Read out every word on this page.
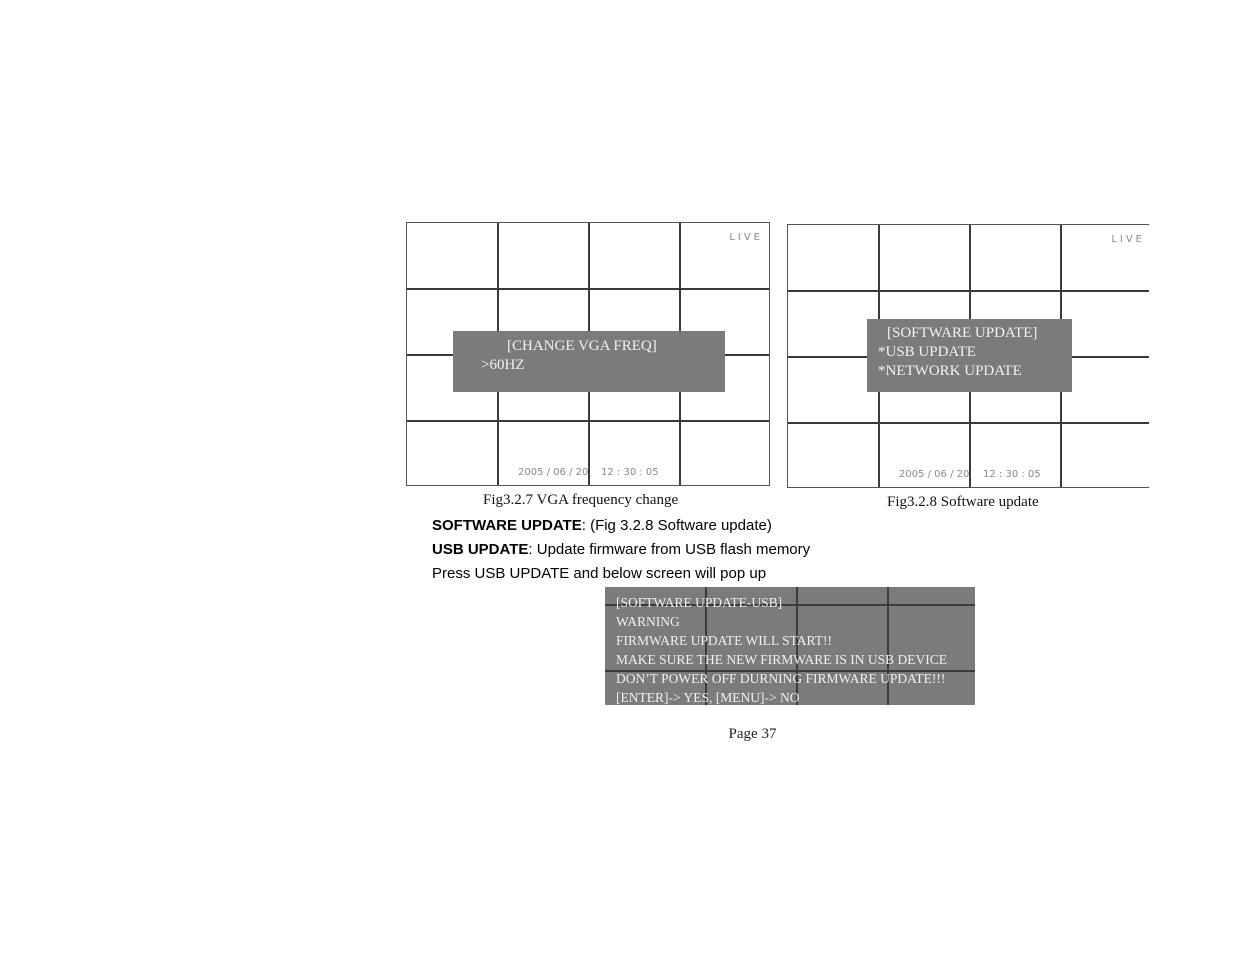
LIVE
[CHANGE VGA FREQ]
>60HZ
2005 / 06 / 20 12 : 30 : 05
Fig3.2.7 VGA frequency change
LIVE
[SOFTWARE UPDATE]
*USB UPDATE
*NETWORK UPDATE
2005 / 06 / 20 12 : 30 : 05
Fig3.2.8 Software update
SOFTWARE UPDATE: (Fig 3.2.8 Software update)
USB UPDATE: Update firmware from USB flash memory
Press USB UPDATE and below screen will pop up
[SOFTWARE UPDATE-USB]
WARNING
FIRMWARE UPDATE WILL START!!
MAKE SURE THE NEW FIRMWARE IS IN USB DEVICE
DON’T POWER OFF DURNING FIRMWARE UPDATE!!!
[ENTER]-> YES, [MENU]-> NO
Page 37
